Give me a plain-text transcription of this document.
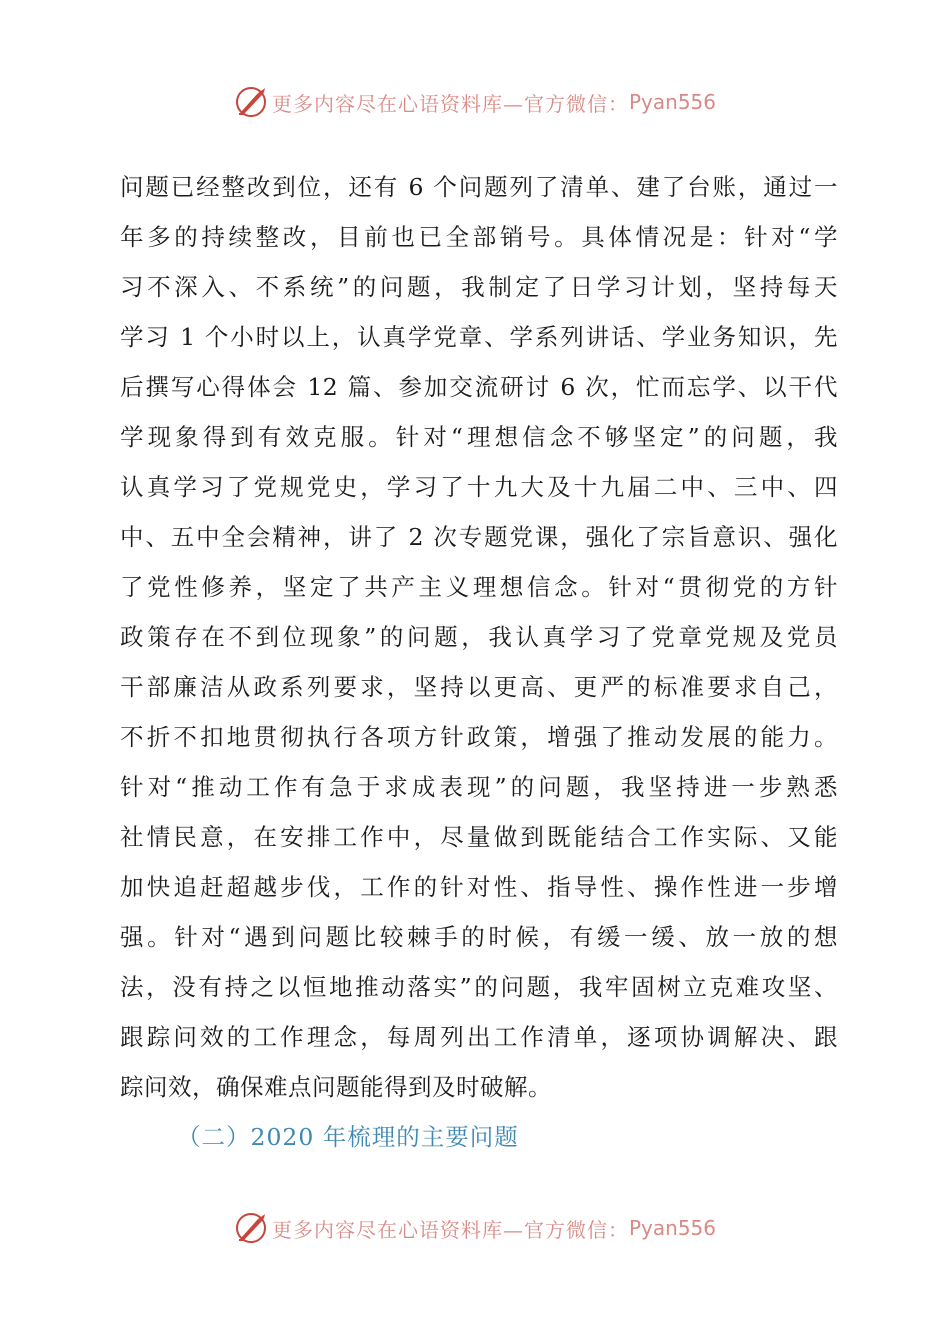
更多内容尽在心语资料库—官方微信： Pyan556
问题已经整改到位，还有 6 个问题列了清单、建了台账，通过一
年多的持续整改，目前也已全部销号。具体情况是：针对“学
习不深入、不系统”的问题，我制定了日学习计划，坚持每天
学习 1 个小时以上，认真学党章、学系列讲话、学业务知识，先
后撰写心得体会 12 篇、参加交流研讨 6 次，忙而忘学、以干代
学现象得到有效克服。针对“理想信念不够坚定”的问题，我
认真学习了党规党史，学习了十九大及十九届二中、三中、四
中、五中全会精神，讲了 2 次专题党课，强化了宗旨意识、强化
了党性修养，坚定了共产主义理想信念。针对“贯彻党的方针
政策存在不到位现象”的问题，我认真学习了党章党规及党员
干部廉洁从政系列要求，坚持以更高、更严的标准要求自己，
不折不扣地贯彻执行各项方针政策，增强了推动发展的能力。
针对“推动工作有急于求成表现”的问题，我坚持进一步熟悉
社情民意，在安排工作中，尽量做到既能结合工作实际、又能
加快追赶超越步伐，工作的针对性、指导性、操作性进一步增
强。针对“遇到问题比较棘手的时候，有缓一缓、放一放的想
法，没有持之以恒地推动落实”的问题，我牢固树立克难攻坚、
跟踪问效的工作理念，每周列出工作清单，逐项协调解决、跟
踪问效，确保难点问题能得到及时破解。
（二）2020 年梳理的主要问题
更多内容尽在心语资料库—官方微信： Pyan556
